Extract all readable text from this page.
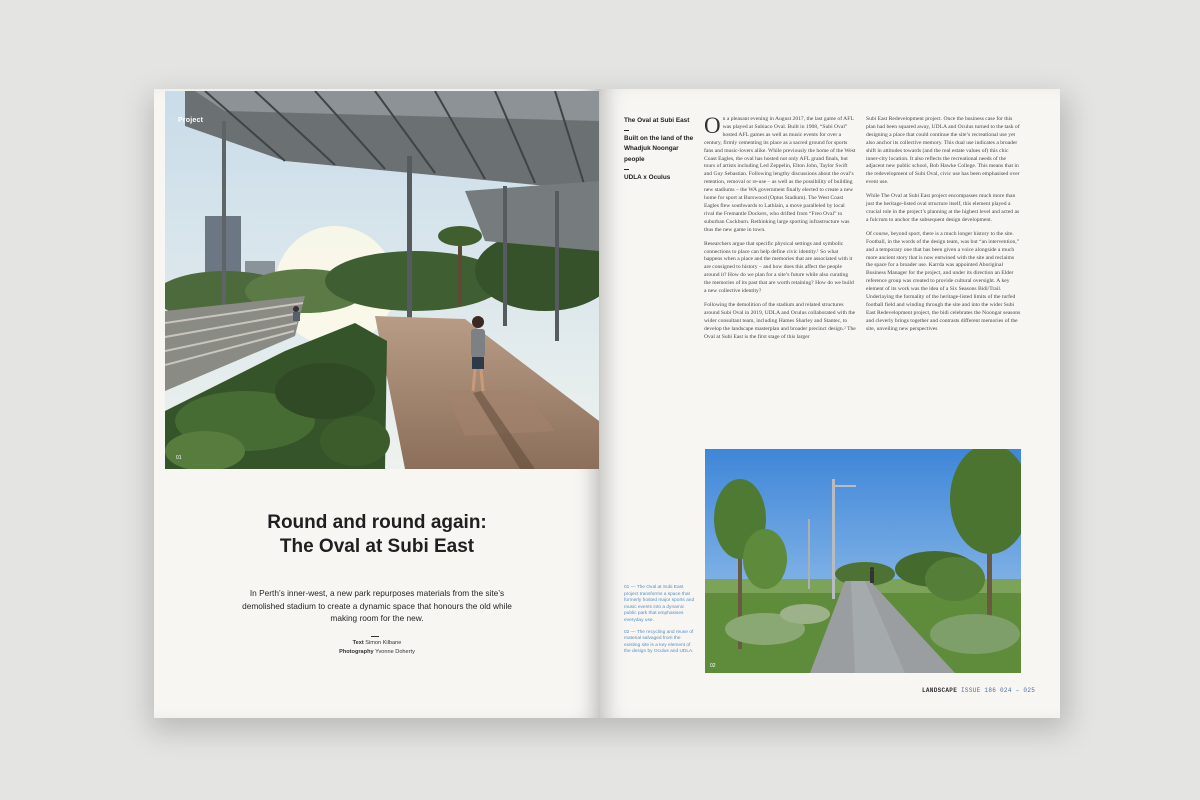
Project
01
Round and round again:
The Oval at Subi East
In Perth’s inner-west, a new park repurposes materials from the site’s demolished stadium to create a dynamic space that honours the old while making room for the new.
Text Simon Kilbane
Photography Yvonne Doherty
The Oval at Subi East
Built on the land of the Whadjuk Noongar people
UDLA x Oculus

On a pleasant evening in August 2017, the last game of AFL was played at Subiaco Oval. Built in 1908, “Subi Oval” hosted AFL games as well as music events for over a century, firmly cementing its place as a sacred ground for sports fans and music-lovers alike. While previously the home of the West Coast Eagles, the oval has hosted not only AFL grand finals, but tours of artists including Led Zeppelin, Elton John, Taylor Swift and Guy Sebastian. Following lengthy discussions about the oval’s retention, removal or re-use – as well as the possibility of building new stadiums – the WA government finally elected to create a new home for sport at Burswood (Optus Stadium). The West Coast Eagles flew southwards to Lathlain, a move paralleled by local rival the Fremantle Dockers, who drifted from “Freo Oval” to suburban Cockburn. Rethinking large sporting infrastructure was thus the new game in town.

Researchers argue that specific physical settings and symbolic connections to place can help define civic identity.¹ So what happens when a place and the memories that are associated with it are consigned to history – and how does this affect the people around it? How do we plan for a site’s future while also curating the memories of its past that are worth retaining? How do we build a new collective identity?

Following the demolition of the stadium and related structures around Subi Oval in 2019, UDLA and Oculus collaborated with the wider consultant team, including Hames Sharley and Stantec, to develop the landscape masterplan and broader precinct design.² The Oval at Subi East is the first stage of this larger

Subi East Redevelopment project. Once the business case for this plan had been squared away, UDLA and Oculus turned to the task of designing a place that could continue the site’s recreational use yet also anchor its collective memory. This dual use indicates a broader shift in attitudes towards (and the real estate values of) this chic inner-city location. It also reflects the recreational needs of the adjacent new public school, Bob Hawke College. This means that in the redevelopment of Subi Oval, civic use has been emphasised over event use.

While The Oval at Subi East project encompasses much more than just the heritage-listed oval structure itself, this element played a crucial role in the project’s planning at the highest level and acted as a fulcrum to anchor the subsequent design development.

Of course, beyond sport, there is a much longer history to the site. Football, in the words of the design team, was but “an intervention,” and a temporary one that has been given a voice alongside a much more ancient story that is now entwined with the site and reclaims the space for a broader use. Karrda was appointed Aboriginal Business Manager for the project, and under its direction an Elder reference group was created to provide cultural oversight. A key element of its work was the idea of a Six Seasons Bidi/Trail. Underlaying the formality of the heritage-listed limits of the turfed football field and winding through the site and into the wider Subi East Redevelopment project, the bidi celebrates the Noongar seasons and cleverly brings together and contrasts different memories of the site, unveiling new perspectives

02

01 — The Oval at Subi East project transforms a space that formerly hosted major sports and music events into a dynamic public park that emphasises everyday use.

02 — The recycling and reuse of material salvaged from the existing site is a key element of the design by Oculus and UDLA.

LANDSCAPE ISSUE 186 024 – 025
